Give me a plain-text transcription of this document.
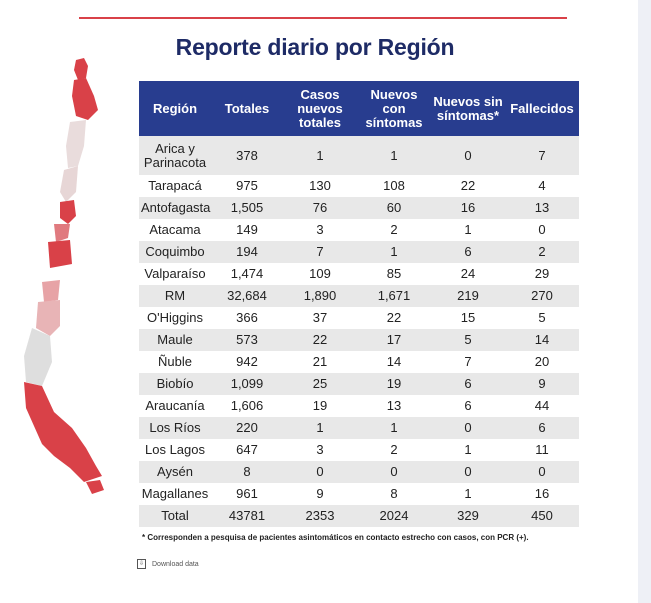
Reporte diario por Región
Región	Totales	Casos nuevos totales	Nuevos con síntomas	Nuevos sin síntomas*	Fallecidos
Arica y Parinacota	378	1	1	0	7
Tarapacá	975	130	108	22	4
Antofagasta	1,505	76	60	16	13
Atacama	149	3	2	1	0
Coquimbo	194	7	1	6	2
Valparaíso	1,474	109	85	24	29
RM	32,684	1,890	1,671	219	270
O'Higgins	366	37	22	15	5
Maule	573	22	17	5	14
Ñuble	942	21	14	7	20
Biobío	1,099	25	19	6	9
Araucanía	1,606	19	13	6	44
Los Ríos	220	1	1	0	6
Los Lagos	647	3	2	1	11
Aysén	8	0	0	0	0
Magallanes	961	9	8	1	16
Total	43781	2353	2024	329	450
* Corresponden a pesquisa de pacientes asintomáticos en contacto estrecho con casos, con PCR (+).
⇩ Download data
